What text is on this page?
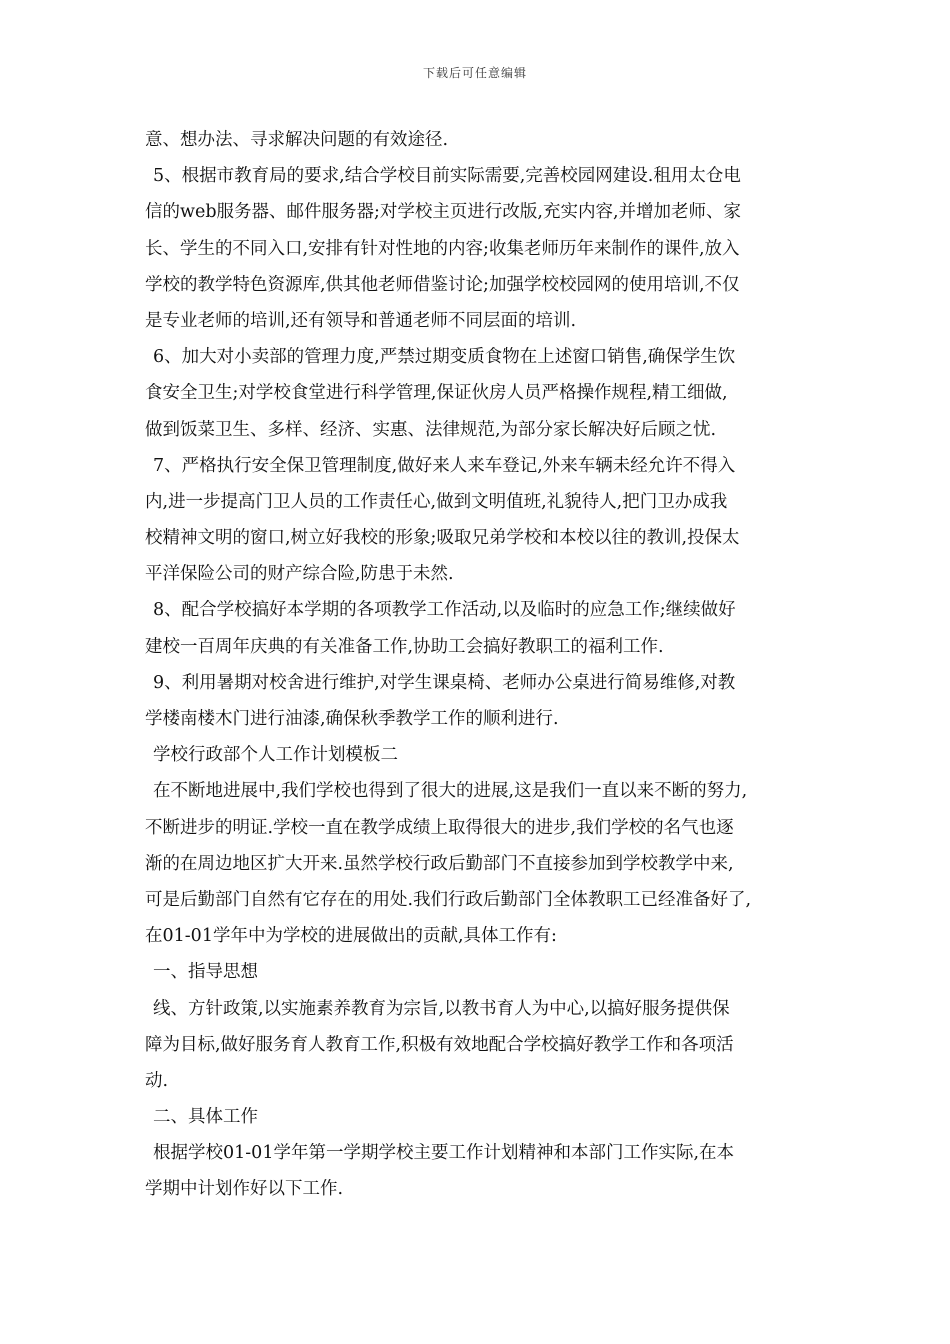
下载后可任意编辑
意、想办法、寻求解决问题的有效途径.
5、根据市教育局的要求,结合学校目前实际需要,完善校园网建设.租用太仓电
信的web服务器、邮件服务器;对学校主页进行改版,充实内容,并增加老师、家
长、学生的不同入口,安排有针对性地的内容;收集老师历年来制作的课件,放入
学校的教学特色资源库,供其他老师借鉴讨论;加强学校校园网的使用培训,不仅
是专业老师的培训,还有领导和普通老师不同层面的培训.
6、加大对小卖部的管理力度,严禁过期变质食物在上述窗口销售,确保学生饮
食安全卫生;对学校食堂进行科学管理,保证伙房人员严格操作规程,精工细做,
做到饭菜卫生、多样、经济、实惠、法律规范,为部分家长解决好后顾之忧.
7、严格执行安全保卫管理制度,做好来人来车登记,外来车辆未经允许不得入
内,进一步提高门卫人员的工作责任心,做到文明值班,礼貌待人,把门卫办成我
校精神文明的窗口,树立好我校的形象;吸取兄弟学校和本校以往的教训,投保太
平洋保险公司的财产综合险,防患于未然.
8、配合学校搞好本学期的各项教学工作活动,以及临时的应急工作;继续做好
建校一百周年庆典的有关准备工作,协助工会搞好教职工的福利工作.
9、利用暑期对校舍进行维护,对学生课桌椅、老师办公桌进行简易维修,对教
学楼南楼木门进行油漆,确保秋季教学工作的顺利进行.
学校行政部个人工作计划模板二
在不断地进展中,我们学校也得到了很大的进展,这是我们一直以来不断的努力,
不断进步的明证.学校一直在教学成绩上取得很大的进步,我们学校的名气也逐
渐的在周边地区扩大开来.虽然学校行政后勤部门不直接参加到学校教学中来,
可是后勤部门自然有它存在的用处.我们行政后勤部门全体教职工已经准备好了,
在01-01学年中为学校的进展做出的贡献,具体工作有:
一、指导思想
线、方针政策,以实施素养教育为宗旨,以教书育人为中心,以搞好服务提供保
障为目标,做好服务育人教育工作,积极有效地配合学校搞好教学工作和各项活
动.
二、具体工作
根据学校01-01学年第一学期学校主要工作计划精神和本部门工作实际,在本
学期中计划作好以下工作.
